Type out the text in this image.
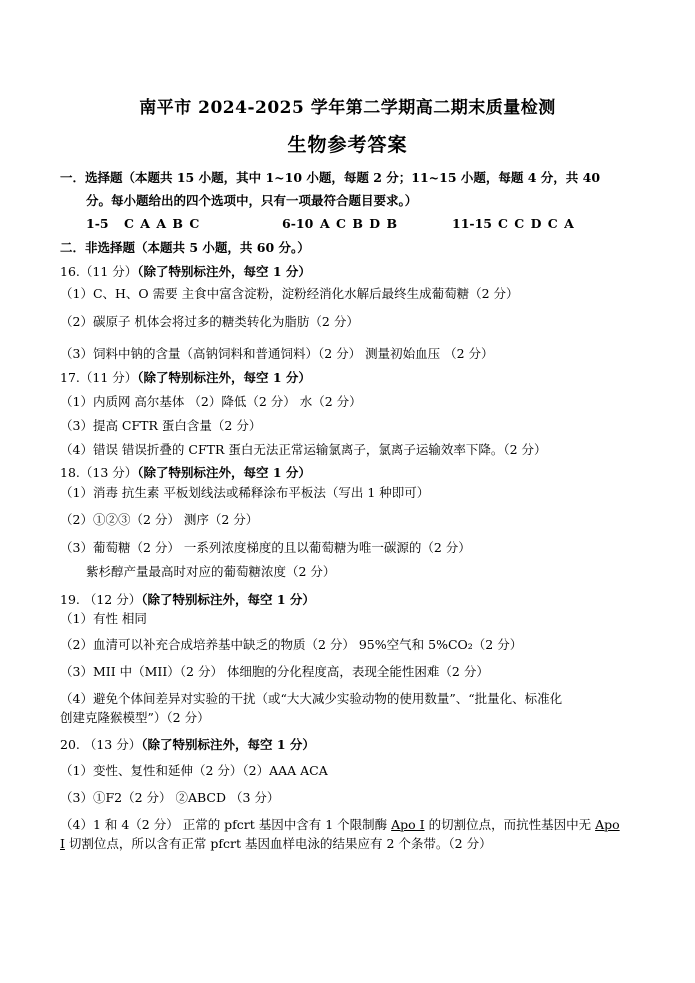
南平市 2024-2025 学年第二学期高二期末质量检测
生物参考答案
一．选择题（本题共 15 小题，其中 1~10 小题，每题 2 分；11~15 小题，每题 4 分，共 40
分。每小题给出的四个选项中，只有一项最符合题目要求。）
1-5 C A A B C	6-10 A C B D B	11-15 C C D C A
二．非选择题（本题共 5 小题，共 60 分。）
16.（11 分）（除了特别标注外，每空 1 分）
（1）C、H、O 需要 主食中富含淀粉，淀粉经消化水解后最终生成葡萄糖（2 分）
（2）碳原子 机体会将过多的糖类转化为脂肪（2 分）
（3）饲料中钠的含量（高钠饲料和普通饲料）（2 分） 测量初始血压 （2 分）
17.（11 分）（除了特别标注外，每空 1 分）
（1）内质网 高尔基体 （2）降低（2 分） 水（2 分）
（3）提高 CFTR 蛋白含量（2 分）
（4）错误 错误折叠的 CFTR 蛋白无法正常运输氯离子，氯离子运输效率下降。（2 分）
18.（13 分）（除了特别标注外，每空 1 分）
（1）消毒 抗生素 平板划线法或稀释涂布平板法（写出 1 种即可）
（2）①②③（2 分） 测序（2 分）
（3）葡萄糖（2 分） 一系列浓度梯度的且以葡萄糖为唯一碳源的（2 分）
紫杉醇产量最高时对应的葡萄糖浓度（2 分）
19. （12 分）（除了特别标注外，每空 1 分）
（1）有性 相同
（2）血清可以补充合成培养基中缺乏的物质（2 分） 95%空气和 5%CO₂（2 分）
（3）MII 中（MII）（2 分） 体细胞的分化程度高，表现全能性困难（2 分）
（4）避免个体间差异对实验的干扰（或“大大减少实验动物的使用数量”、“批量化、标准化
创建克隆猴模型”）（2 分）
20. （13 分）（除了特别标注外，每空 1 分）
（1）变性、复性和延伸（2 分）（2）AAA ACA
（3）①F2（2 分） ②ABCD （3 分）
（4）1 和 4（2 分） 正常的 pfcrt 基因中含有 1 个限制酶 Apo I 的切割位点，而抗性基因中无 Apo
I 切割位点，所以含有正常 pfcrt 基因血样电泳的结果应有 2 个条带。（2 分）
